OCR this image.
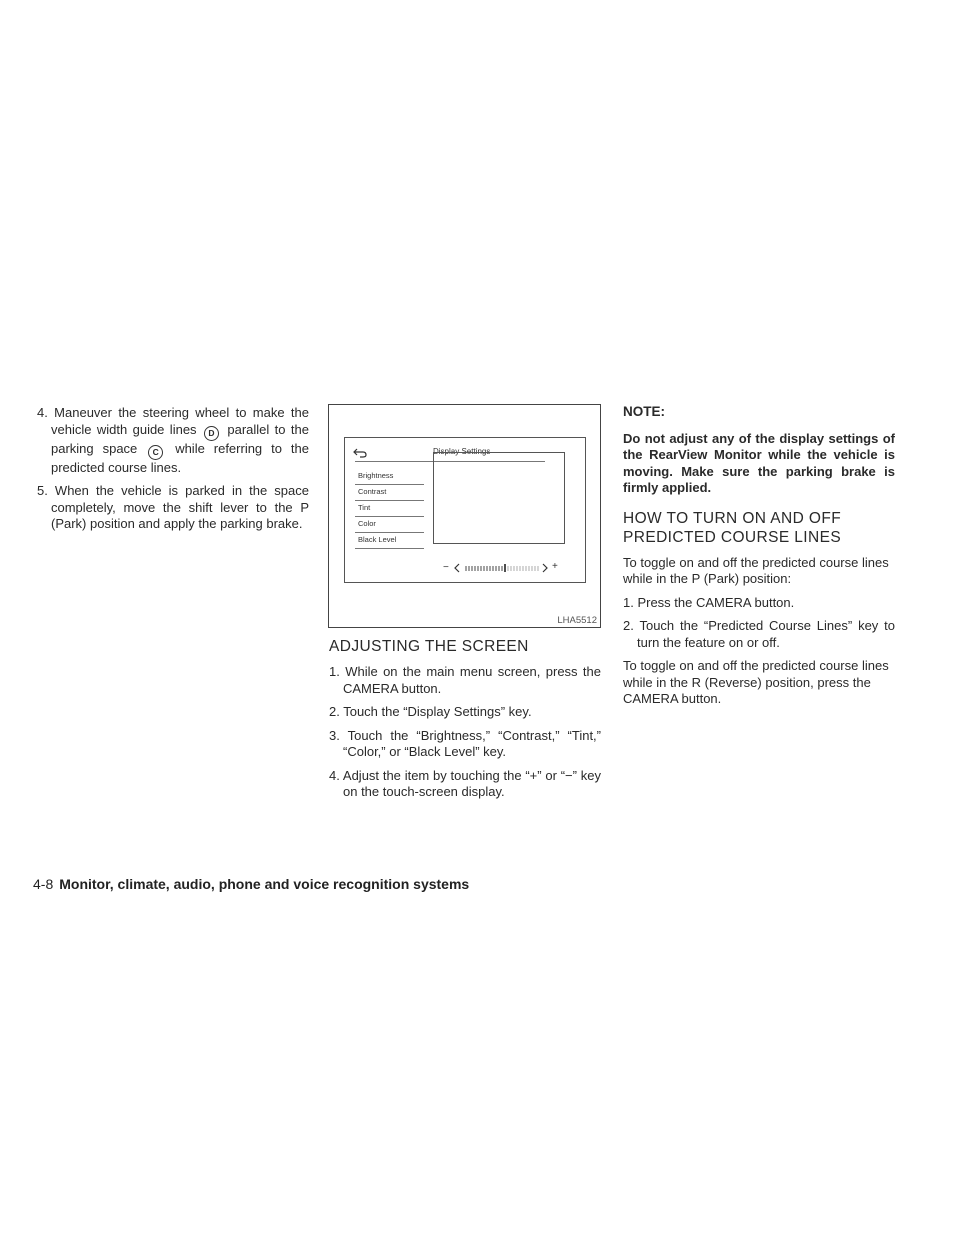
4. Maneuver the steering wheel to make the vehicle width guide lines D parallel to the parking space C while referring to the predicted course lines.
5. When the vehicle is parked in the space completely, move the shift lever to the P (Park) position and apply the parking brake.
Display Settings
Brightness
Contrast
Tint
Color
Black Level
−	+
LHA5512
ADJUSTING THE SCREEN
1. While on the main menu screen, press the CAMERA button.
2. Touch the “Display Settings” key.
3. Touch the “Brightness,” “Contrast,” “Tint,” “Color,” or “Black Level” key.
4. Adjust the item by touching the “+” or “−” key on the touch-screen display.
NOTE:
Do not adjust any of the display settings of the RearView Monitor while the vehicle is moving. Make sure the parking brake is firmly applied.
HOW TO TURN ON AND OFF PREDICTED COURSE LINES

To toggle on and off the predicted course lines while in the P (Park) position:

1. Press the CAMERA button.
2. Touch the “Predicted Course Lines” key to turn the feature on or off.

To toggle on and off the predicted course lines while in the R (Reverse) position, press the CAMERA button.

4-8 Monitor, climate, audio, phone and voice recognition systems
